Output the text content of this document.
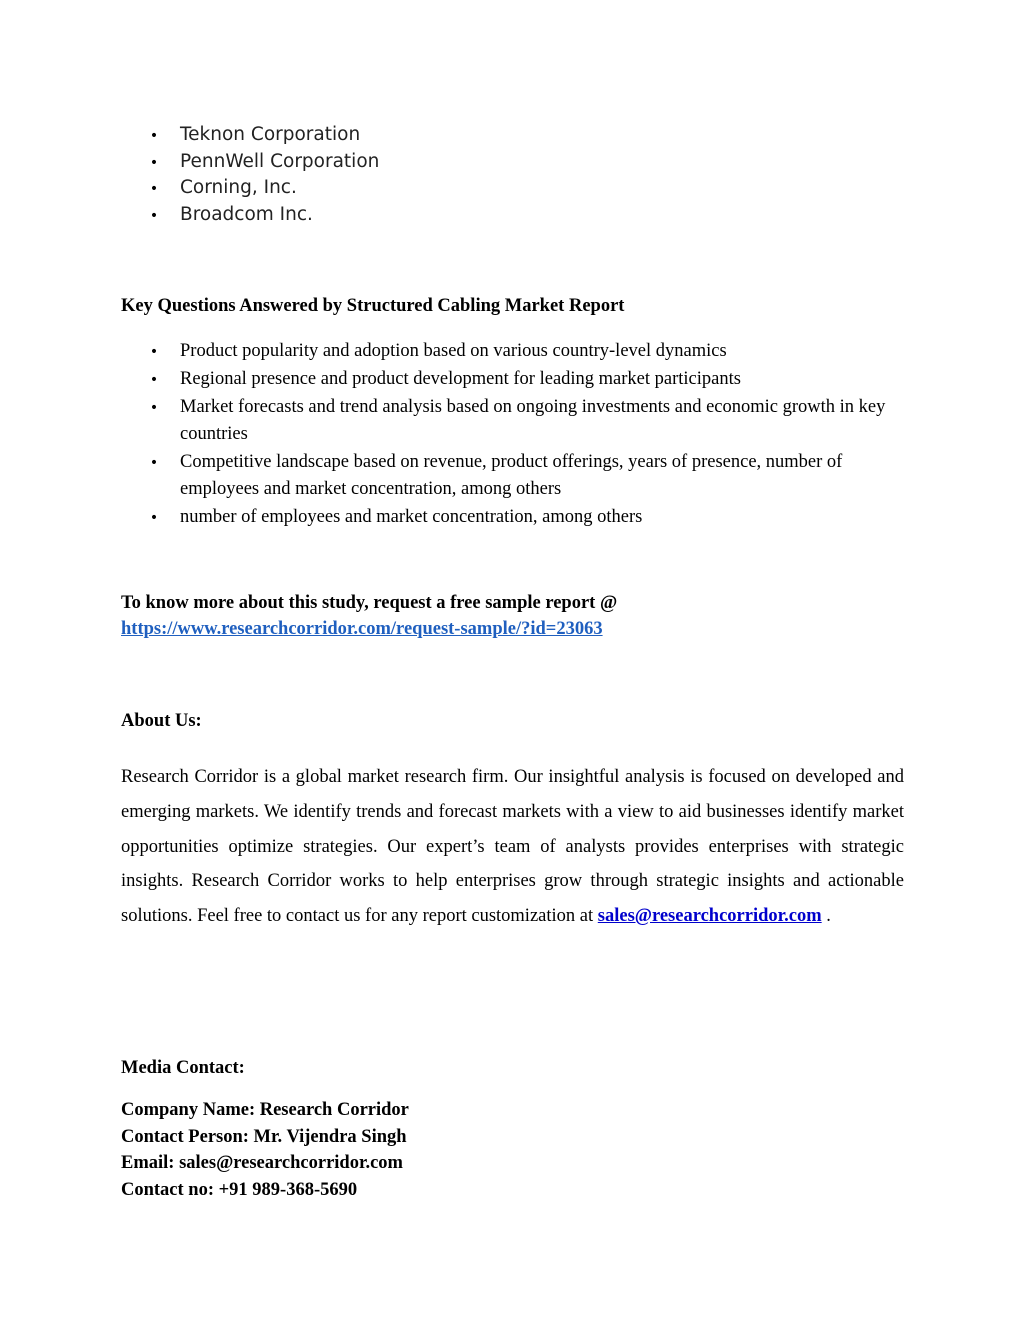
•
Teknon Corporation
•
PennWell Corporation
•
Corning, Inc.
•
Broadcom Inc.
Key Questions Answered by Structured Cabling Market Report
•
Product popularity and adoption based on various country-level dynamics
•
Regional presence and product development for leading market participants
•
Market forecasts and trend analysis based on ongoing investments and economic growth in key countries
•
Competitive landscape based on revenue, product offerings, years of presence, number of employees and market concentration, among others
•
number of employees and market concentration, among others
To know more about this study, request a free sample report @
https://www.researchcorridor.com/request-sample/?id=23063
About Us:
Research Corridor is a global market research firm. Our insightful analysis is focused on developed and emerging markets. We identify trends and forecast markets with a view to aid businesses identify market opportunities optimize strategies. Our expert’s team of analysts provides enterprises with strategic insights. Research Corridor works to help enterprises grow through strategic insights and actionable solutions. Feel free to contact us for any report customization at sales@researchcorridor.com .
Media Contact:
Company Name: Research Corridor
Contact Person: Mr. Vijendra Singh
Email: sales@researchcorridor.com
Contact no: +91 989-368-5690
